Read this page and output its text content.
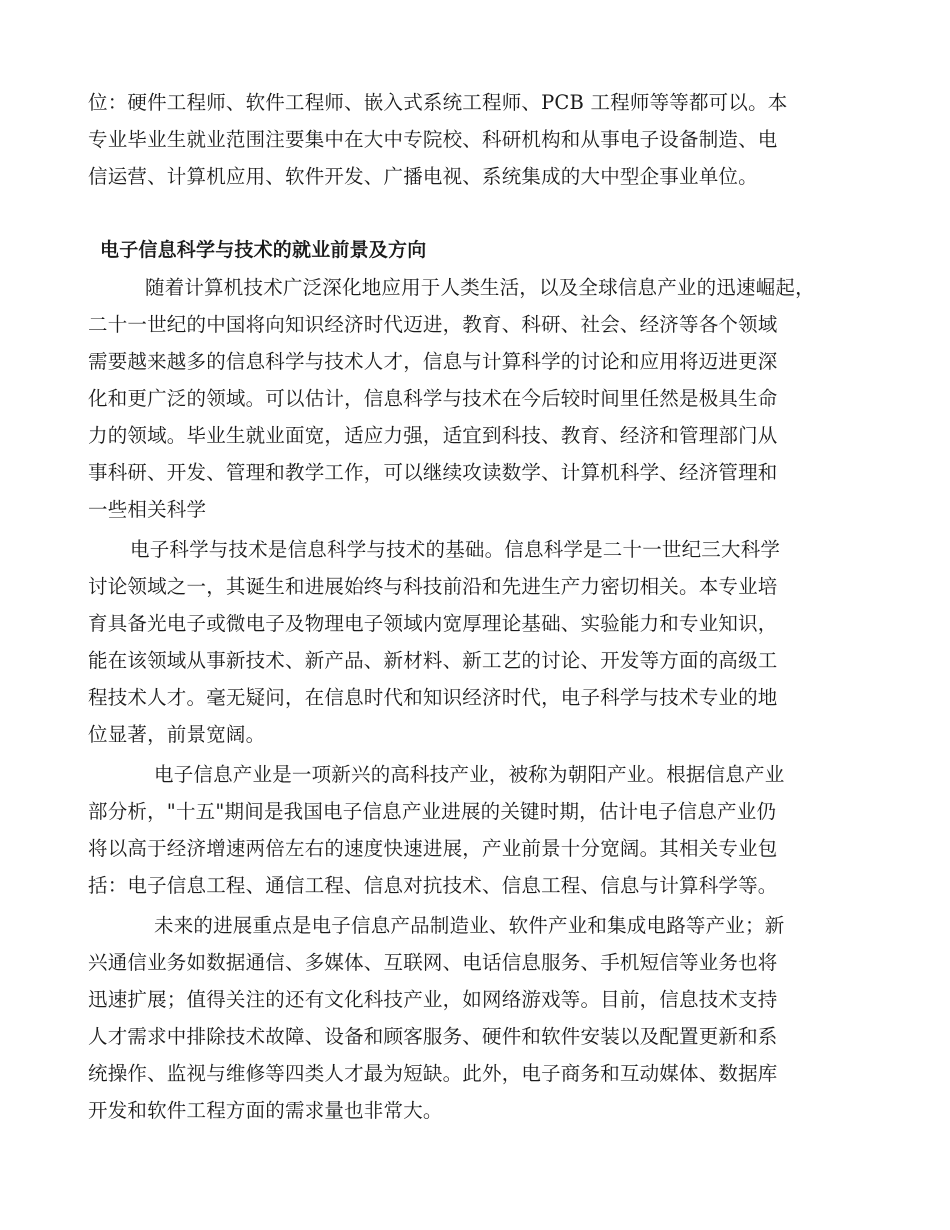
位：硬件工程师、软件工程师、嵌入式系统工程师、PCB 工程师等等都可以。本
专业毕业生就业范围注要集中在大中专院校、科研机构和从事电子设备制造、电
信运营、计算机应用、软件开发、广播电视、系统集成的大中型企事业单位。
电子信息科学与技术的就业前景及方向
随着计算机技术广泛深化地应用于人类生活，以及全球信息产业的迅速崛起，
二十一世纪的中国将向知识经济时代迈进，教育、科研、社会、经济等各个领域
需要越来越多的信息科学与技术人才，信息与计算科学的讨论和应用将迈进更深
化和更广泛的领域。可以估计，信息科学与技术在今后较时间里任然是极具生命
力的领域。毕业生就业面宽，适应力强，适宜到科技、教育、经济和管理部门从
事科研、开发、管理和教学工作，可以继续攻读数学、计算机科学、经济管理和
一些相关科学
电子科学与技术是信息科学与技术的基础。信息科学是二十一世纪三大科学
讨论领域之一，其诞生和进展始终与科技前沿和先进生产力密切相关。本专业培
育具备光电子或微电子及物理电子领域内宽厚理论基础、实验能力和专业知识，
能在该领域从事新技术、新产品、新材料、新工艺的讨论、开发等方面的高级工
程技术人才。毫无疑问，在信息时代和知识经济时代，电子科学与技术专业的地
位显著，前景宽阔。
电子信息产业是一项新兴的高科技产业，被称为朝阳产业。根据信息产业
部分析，"十五"期间是我国电子信息产业进展的关键时期，估计电子信息产业仍
将以高于经济增速两倍左右的速度快速进展，产业前景十分宽阔。其相关专业包
括：电子信息工程、通信工程、信息对抗技术、信息工程、信息与计算科学等。
未来的进展重点是电子信息产品制造业、软件产业和集成电路等产业；新
兴通信业务如数据通信、多媒体、互联网、电话信息服务、手机短信等业务也将
迅速扩展；值得关注的还有文化科技产业，如网络游戏等。目前，信息技术支持
人才需求中排除技术故障、设备和顾客服务、硬件和软件安装以及配置更新和系
统操作、监视与维修等四类人才最为短缺。此外，电子商务和互动媒体、数据库
开发和软件工程方面的需求量也非常大。
